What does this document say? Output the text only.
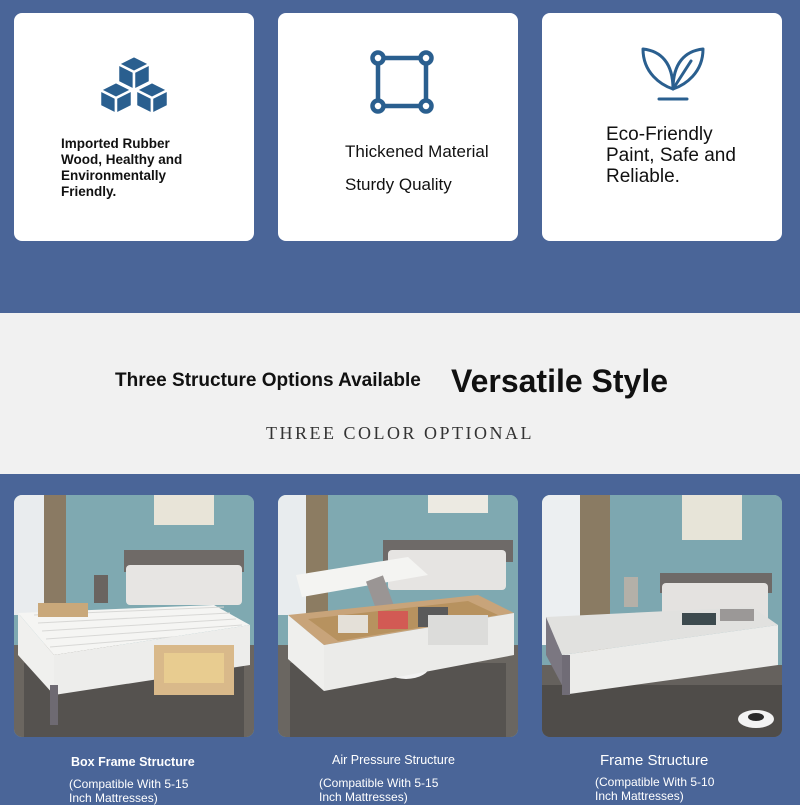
Imported Rubber Wood, Healthy and Environmentally Friendly.
Thickened Material
Sturdy Quality
Eco-Friendly Paint, Safe and Reliable.
Three Structure Options Available Versatile Style
THREE COLOR OPTIONAL
Box Frame Structure
(Compatible With 5-15
Inch Mattresses)
Air Pressure Structure
(Compatible With 5-15
Inch Mattresses)
Frame Structure
(Compatible With 5-10
Inch Mattresses)
